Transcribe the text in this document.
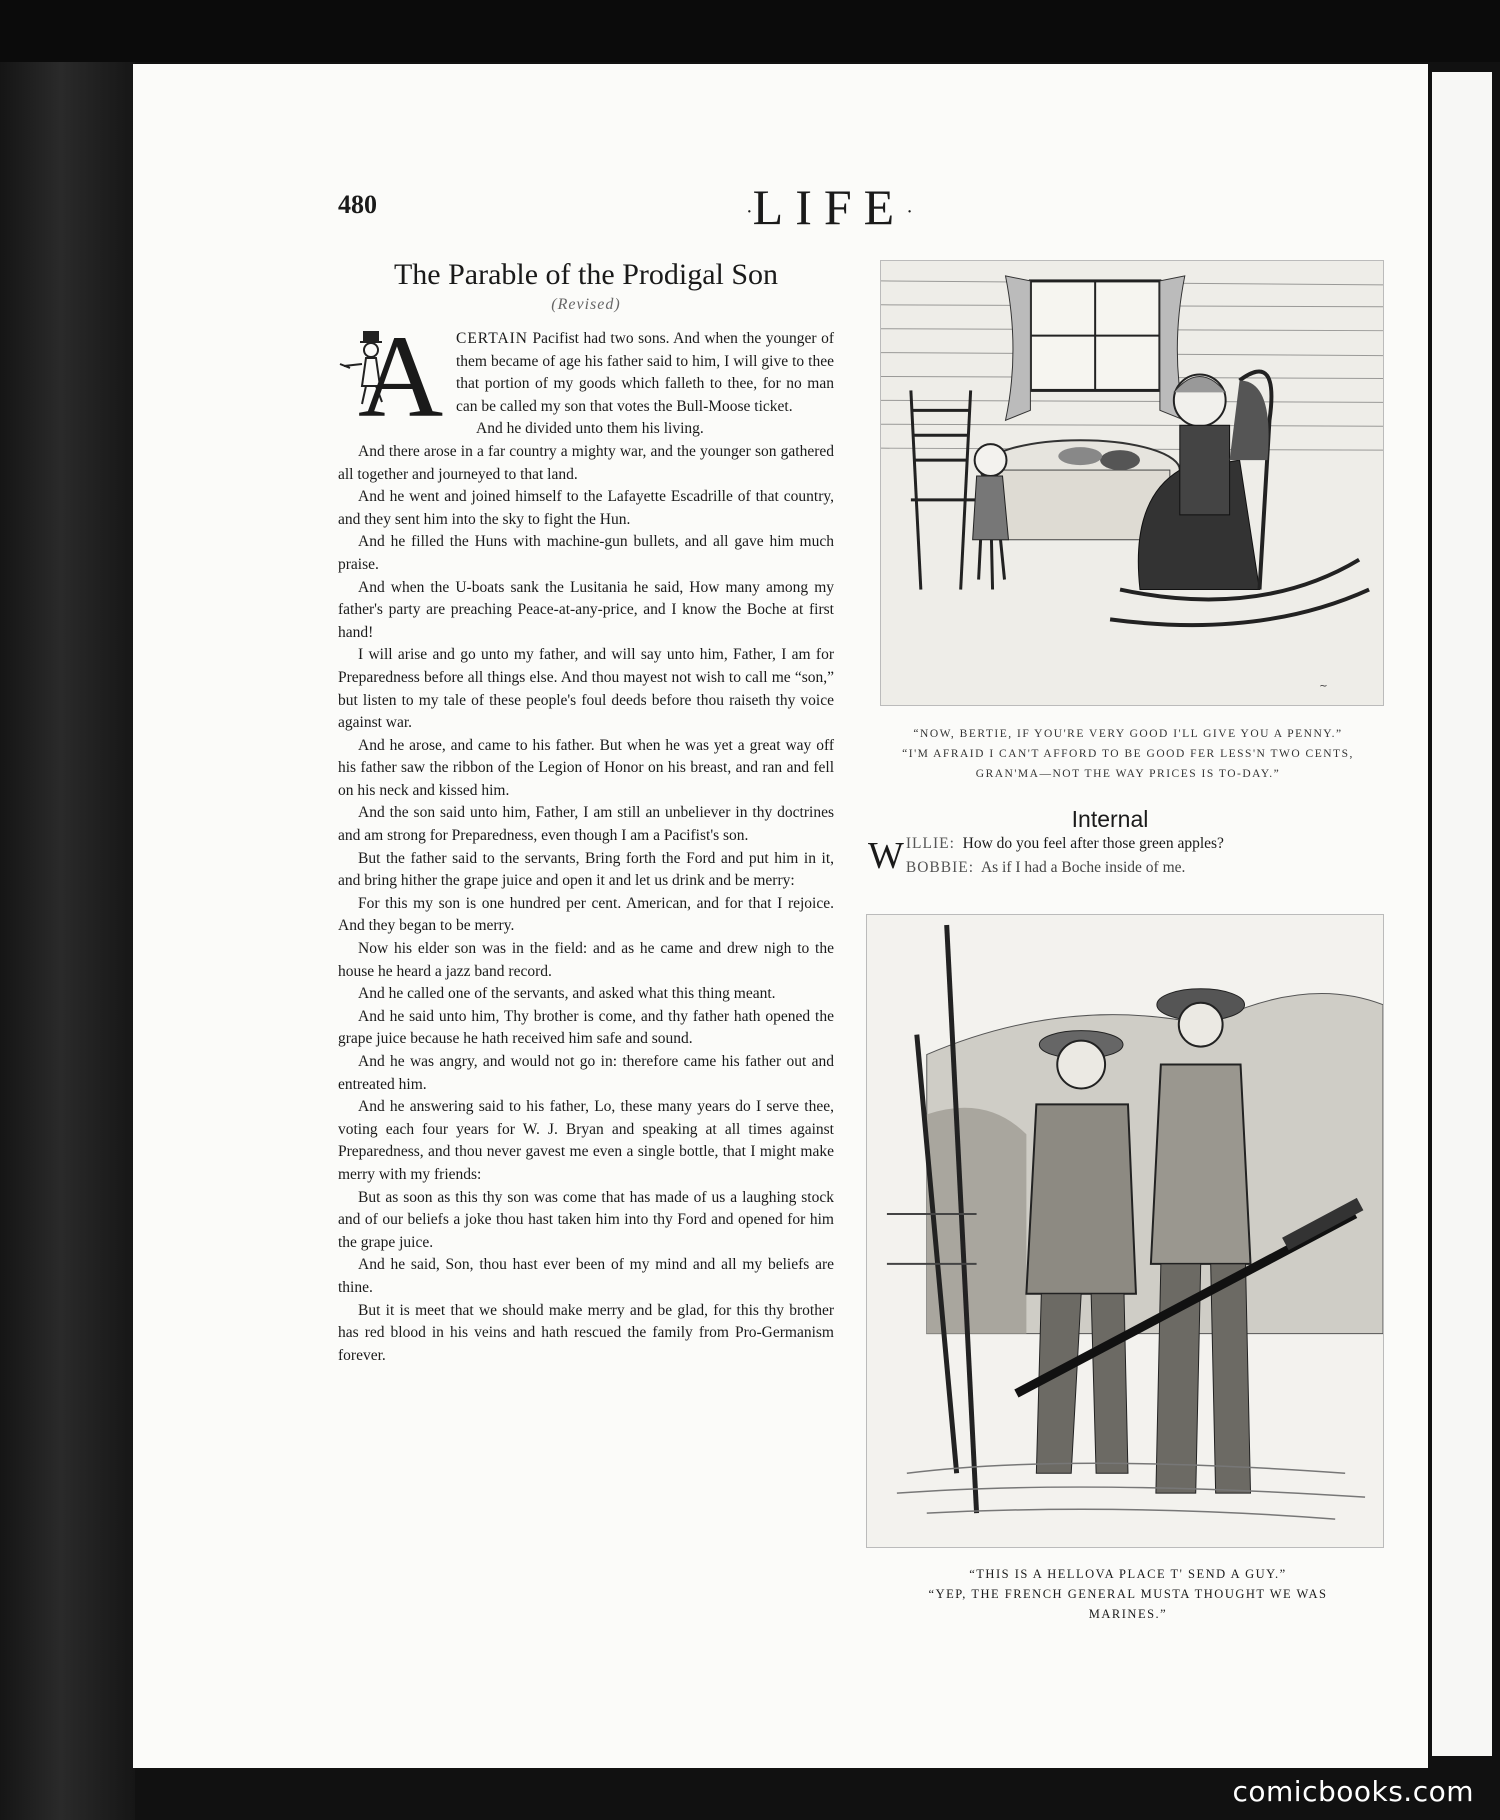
480	·LIFE·
The Parable of the Prodigal Son
(Revised)

A CERTAIN Pacifist had two sons. And when the younger of them became of age his father said to him, I will give to thee that portion of my goods which falleth to thee, for no man can be called my son that votes the Bull-Moose ticket.

And he divided unto them his living.

And there arose in a far country a mighty war, and the younger son gathered all together and journeyed to that land.

And he went and joined himself to the Lafayette Escadrille of that country, and they sent him into the sky to fight the Hun.

And he filled the Huns with machine-gun bullets, and all gave him much praise.

And when the U-boats sank the Lusitania he said, How many among my father's party are preaching Peace-at-any-price, and I know the Boche at first hand!

I will arise and go unto my father, and will say unto him, Father, I am for Preparedness before all things else. And thou mayest not wish to call me “son,” but listen to my tale of these people's foul deeds before thou raiseth thy voice against war.

And he arose, and came to his father. But when he was yet a great way off his father saw the ribbon of the Legion of Honor on his breast, and ran and fell on his neck and kissed him.

And the son said unto him, Father, I am still an unbeliever in thy doctrines and am strong for Preparedness, even though I am a Pacifist's son.

But the father said to the servants, Bring forth the Ford and put him in it, and bring hither the grape juice and open it and let us drink and be merry:

For this my son is one hundred per cent. American, and for that I rejoice. And they began to be merry.

Now his elder son was in the field: and as he came and drew nigh to the house he heard a jazz band record.

And he called one of the servants, and asked what this thing meant.

And he said unto him, Thy brother is come, and thy father hath opened the grape juice because he hath received him safe and sound.

And he was angry, and would not go in: therefore came his father out and entreated him.

And he answering said to his father, Lo, these many years do I serve thee, voting each four years for W. J. Bryan and speaking at all times against Preparedness, and thou never gavest me even a single bottle, that I might make merry with my friends:

But as soon as this thy son was come that has made of us a laughing stock and of our beliefs a joke thou hast taken him into thy Ford and opened for him the grape juice.

And he said, Son, thou hast ever been of my mind and all my beliefs are thine.

But it is meet that we should make merry and be glad, for this thy brother has red blood in his veins and hath rescued the family from Pro-Germanism forever.

~
“NOW, BERTIE, IF YOU'RE VERY GOOD I'LL GIVE YOU A PENNY.”
“I'M AFRAID I CAN'T AFFORD TO BE GOOD FER LESS'N TWO CENTS,
GRAN'MA—NOT THE WAY PRICES IS TO-DAY.”
Internal
W ILLIE: How do you feel after those green apples?
BOBBIE: As if I had a Boche inside of me.
“THIS IS A HELLOVA PLACE T' SEND A GUY.”
“YEP, THE FRENCH GENERAL MUSTA THOUGHT WE WAS
MARINES.”
comicbooks.com
